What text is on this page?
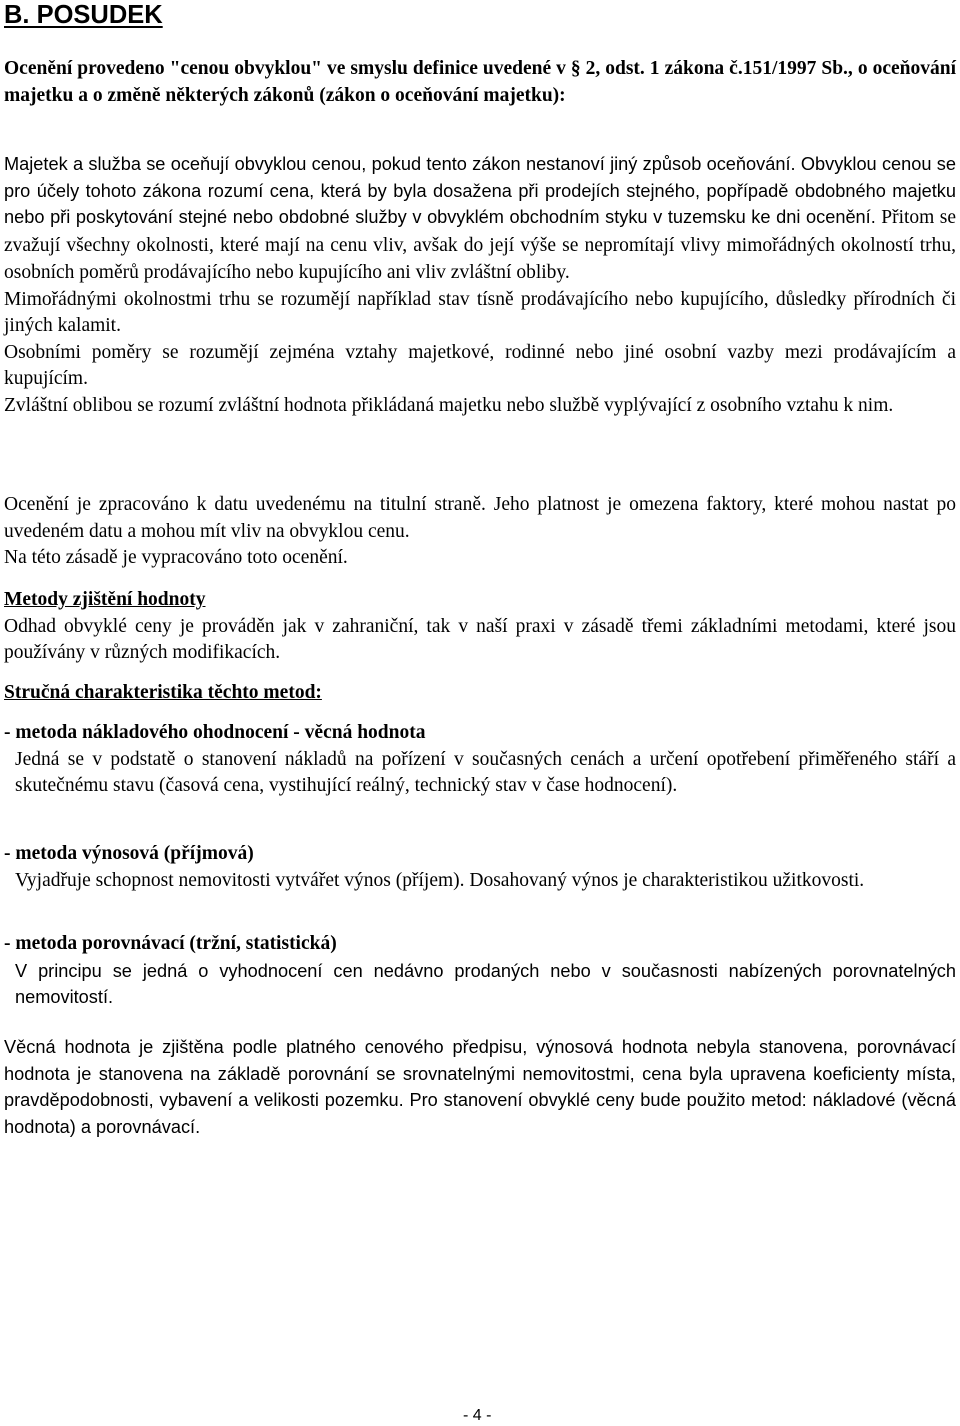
B. POSUDEK

Ocenění provedeno "cenou obvyklou" ve smyslu definice uvedené v § 2, odst. 1 zákona č.151/1997 Sb., o oceňování majetku a o změně některých zákonů (zákon o oceňování majetku):

Majetek a služba se oceňují obvyklou cenou, pokud tento zákon nestanoví jiný způsob oceňování. Obvyklou cenou se pro účely tohoto zákona rozumí cena, která by byla dosažena při prodejích stejného, popřípadě obdobného majetku nebo při poskytování stejné nebo obdobné služby v obvyklém obchodním styku v tuzemsku ke dni ocenění. Přitom se zvažují všechny okolnosti, které mají na cenu vliv, avšak do její výše se nepromítají vlivy mimořádných okolností trhu, osobních poměrů prodávajícího nebo kupujícího ani vliv zvláštní obliby.

Mimořádnými okolnostmi trhu se rozumějí například stav tísně prodávajícího nebo kupujícího, důsledky přírodních či jiných kalamit.

Osobními poměry se rozumějí zejména vztahy majetkové, rodinné nebo jiné osobní vazby mezi prodávajícím a kupujícím.

Zvláštní oblibou se rozumí zvláštní hodnota přikládaná majetku nebo službě vyplývající z osobního vztahu k nim.

Ocenění je zpracováno k datu uvedenému na titulní straně. Jeho platnost je omezena faktory, které mohou nastat po uvedeném datu a mohou mít vliv na obvyklou cenu.

Na této zásadě je vypracováno toto ocenění.

Metody zjištění hodnoty

Odhad obvyklé ceny je prováděn jak v zahraniční, tak v naší praxi v zásadě třemi základními metodami, které jsou používány v různých modifikacích.

Stručná charakteristika těchto metod:

- metoda nákladového ohodnocení - věcná hodnota

Jedná se v podstatě o stanovení nákladů na pořízení v současných cenách a určení opotřebení přiměřeného stáří a skutečnému stavu (časová cena, vystihující reálný, technický stav v čase hodnocení).

- metoda výnosová (příjmová)

Vyjadřuje schopnost nemovitosti vytvářet výnos (příjem). Dosahovaný výnos je charakteristikou užitkovosti.

- metoda porovnávací (tržní, statistická)

V principu se jedná o vyhodnocení cen nedávno prodaných nebo v současnosti nabízených porovnatelných nemovitostí.

Věcná hodnota je zjištěna podle platného cenového předpisu, výnosová hodnota nebyla stanovena, porovnávací hodnota je stanovena na základě porovnání se srovnatelnými nemovitostmi, cena byla upravena koeficienty místa, pravděpodobnosti, vybavení a velikosti pozemku. Pro stanovení obvyklé ceny bude použito metod: nákladové (věcná hodnota) a porovnávací.

- 4 -
